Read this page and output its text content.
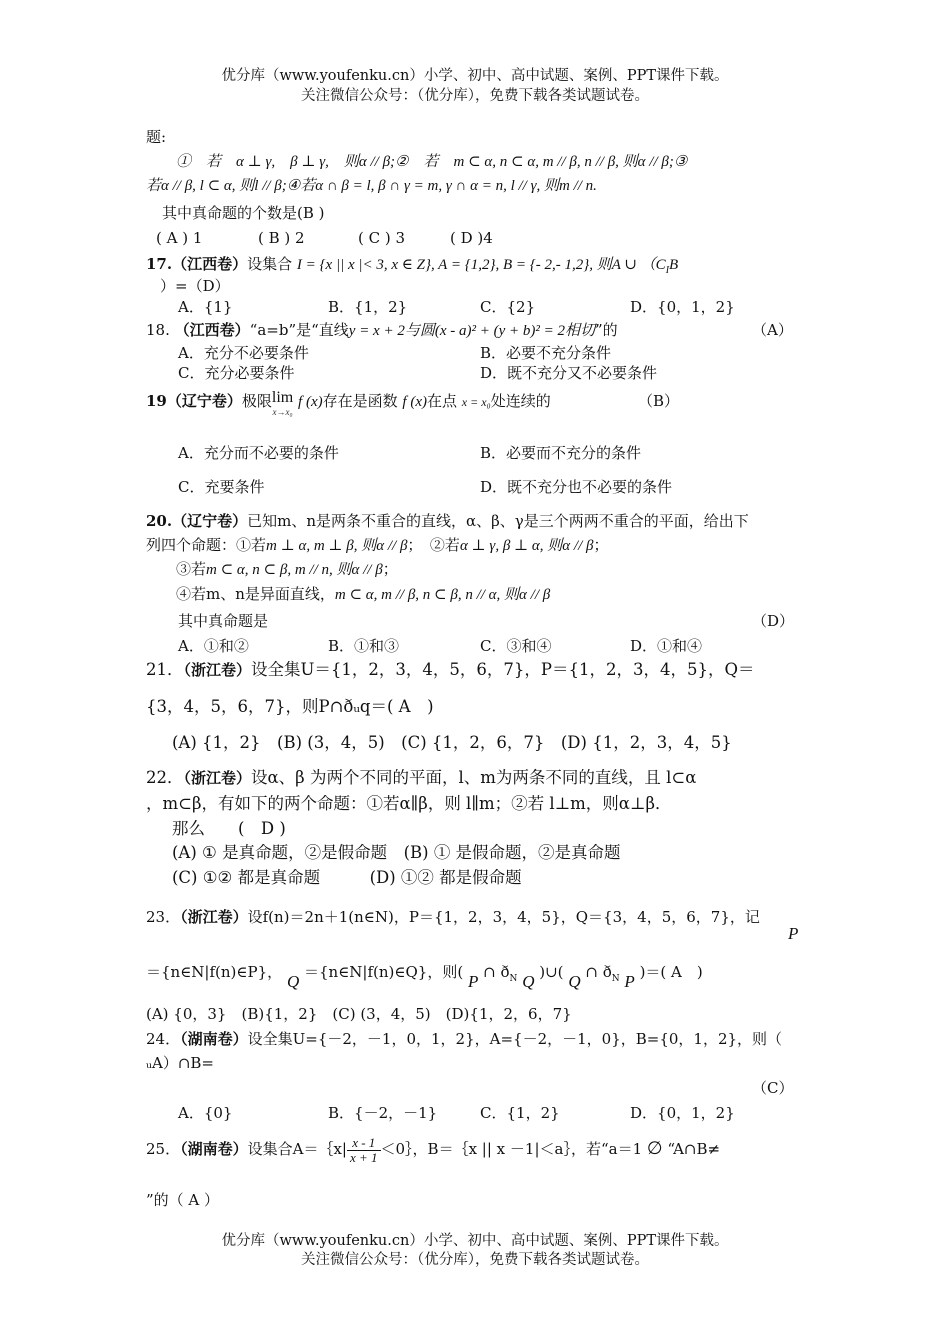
优分库（www.youfenku.cn）小学、初中、高中试题、案例、PPT课件下载。
关注微信公众号：（优分库），免费下载各类试题试卷。
题:
①　若　α ⊥ γ,　β ⊥ γ,　则α // β;②　若　m ⊂ α, n ⊂ α, m // β, n // β, 则α // β;③
若α // β, l ⊂ α, 则l // β;④若α ∩ β = l, β ∩ γ = m, γ ∩ α = n, l // γ, 则m // n.
其中真命题的个数是(B )
( A ) 1	( B ) 2	( C ) 3	( D )4
17.（江西卷）设集合 I = {x || x |< 3, x ∈ Z}, A = {1,2}, B = {- 2,- 1,2}, 则A ∪ （$C_IB$
）=（D）
A．{1}	B．{1，2}	C．{2}	D．{0，1，2}
18. （江西卷）“a=b”是“直线y = x + 2与圆(x - a)² + (y + b)² = 2相切”的	（A）
A．充分不必要条件	B．必要不充分条件
C．充分必要条件	D．既不充分又不必要条件
19（辽宁卷）极限 lim
x→x₀
f (x)存在是函数 f (x)在点 x = x₀处连续的	（B）
A．充分而不必要的条件	B．必要而不充分的条件
C．充要条件	D．既不充分也不必要的条件
20.（辽宁卷）已知m、n是两条不重合的直线，α、β、γ是三个两两不重合的平面，给出下
列四个命题：①若m ⊥ α, m ⊥ β, 则α // β；　②若α ⊥ γ, β ⊥ α, 则α // β；
③若m ⊂ α, n ⊂ β, m // n, 则α // β；
④若m、n是异面直线，m ⊂ α, m // β, n ⊂ β, n // α, 则α // β
其中真命题是	（D）
A．①和②	B．①和③	C．③和④	D．①和④
21．（浙江卷）设全集U＝{1，2，3，4，5，6，7}，P＝{1，2，3，4，5}，Q＝
{3，4，5，6，7}，则P∩ðᵤq＝( A　)
(A) {1，2}　(B) (3，4，5)　(C) {1，2，6，7}　(D) {1，2，3，4，5}
22．（浙江卷）设α、β 为两个不同的平面，l、m为两条不同的直线，且 l⊂α
，m⊂β，有如下的两个命题：①若α∥β，则 l∥m；②若 l⊥m，则α⊥β．
那么　　(　D )
(A) ① 是真命题，②是假命题　(B) ① 是假命题，②是真命题
(C) ①② 都是真命题　　　(D) ①② 都是假命题
23．（浙江卷）设f(n)＝2n＋1(n∈N)，P＝{1，2，3，4，5}，Q＝{3，4，5，6，7}，记
P
＝{n∈N|f(n)∈P}， Q ＝{n∈N|f(n)∈Q}，则( P ∩ $ð_N$ Q )∪( Q ∩ $ð_N$ P )＝( A　)
(A) {0，3}　(B){1，2}　(C) (3，4，5)　(D){1，2，6，7}
24．（湖南卷）设全集U={－2，－1，0，1，2}，A={－2，－1，0}，B={0，1，2}，则（
ᵤA）∩B=
（C）
A．{0}	B．{－2，－1}	C．{1，2}	D．{0，1，2}
25．（湖南卷）设集合A＝｛x| $\frac{x - 1}{x + 1}$ ＜0｝，B＝｛x || x －1|＜a｝，若“a＝1 ∅ “A∩B≠
”的（ A ）
优分库（www.youfenku.cn）小学、初中、高中试题、案例、PPT课件下载。
关注微信公众号：（优分库），免费下载各类试题试卷。
